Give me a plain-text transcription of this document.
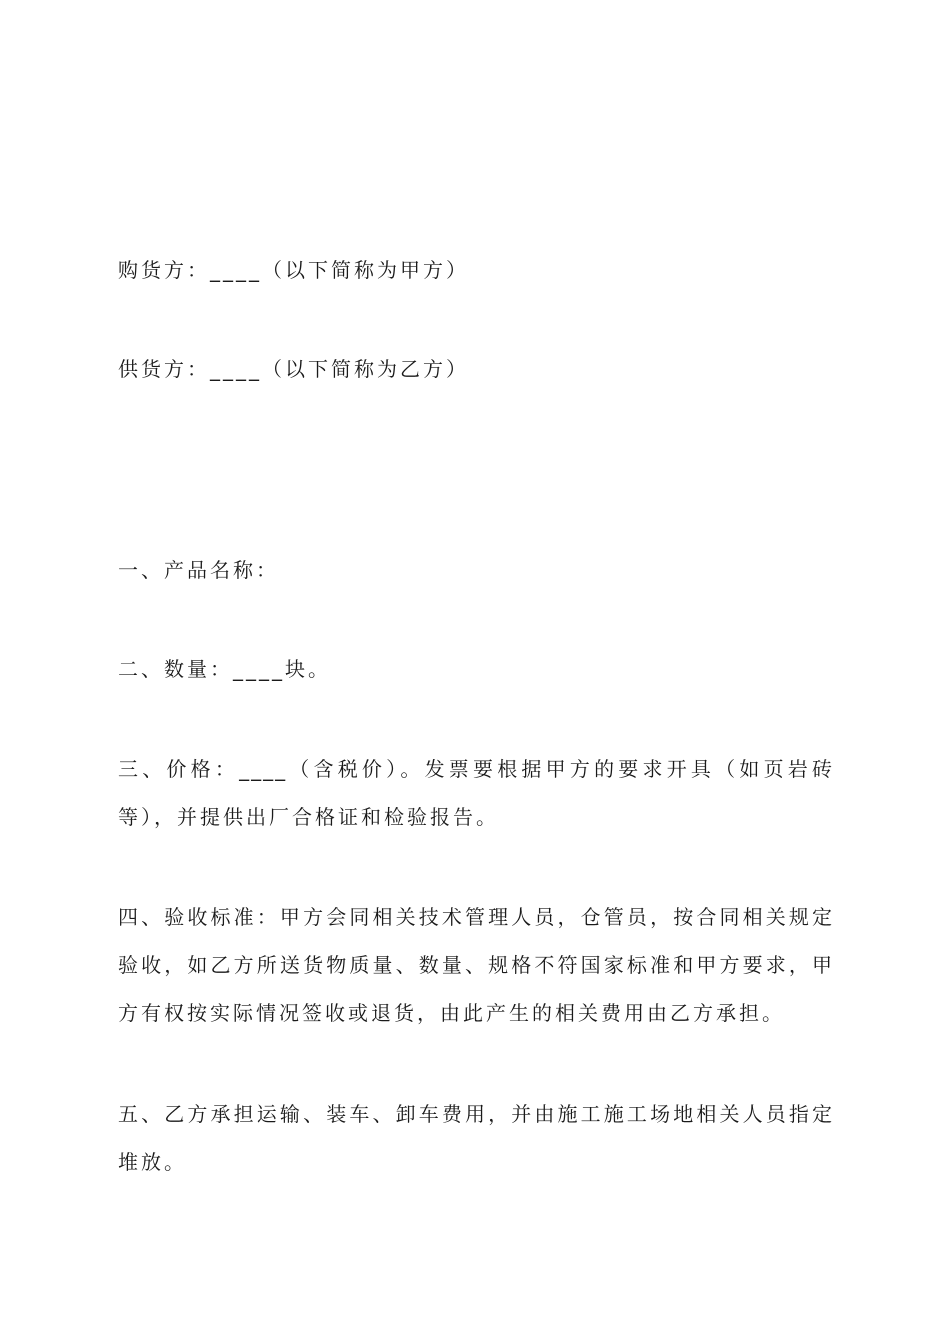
购货方：____（以下简称为甲方）
供货方：____（以下简称为乙方）
一、产品名称：
二、数量：____块。
三、价格：____（含税价）。发票要根据甲方的要求开具（如页岩砖
等），并提供出厂合格证和检验报告。
四、验收标准：甲方会同相关技术管理人员，仓管员，按合同相关规定
验收，如乙方所送货物质量、数量、规格不符国家标准和甲方要求，甲
方有权按实际情况签收或退货，由此产生的相关费用由乙方承担。
五、乙方承担运输、装车、卸车费用，并由施工施工场地相关人员指定
堆放。
